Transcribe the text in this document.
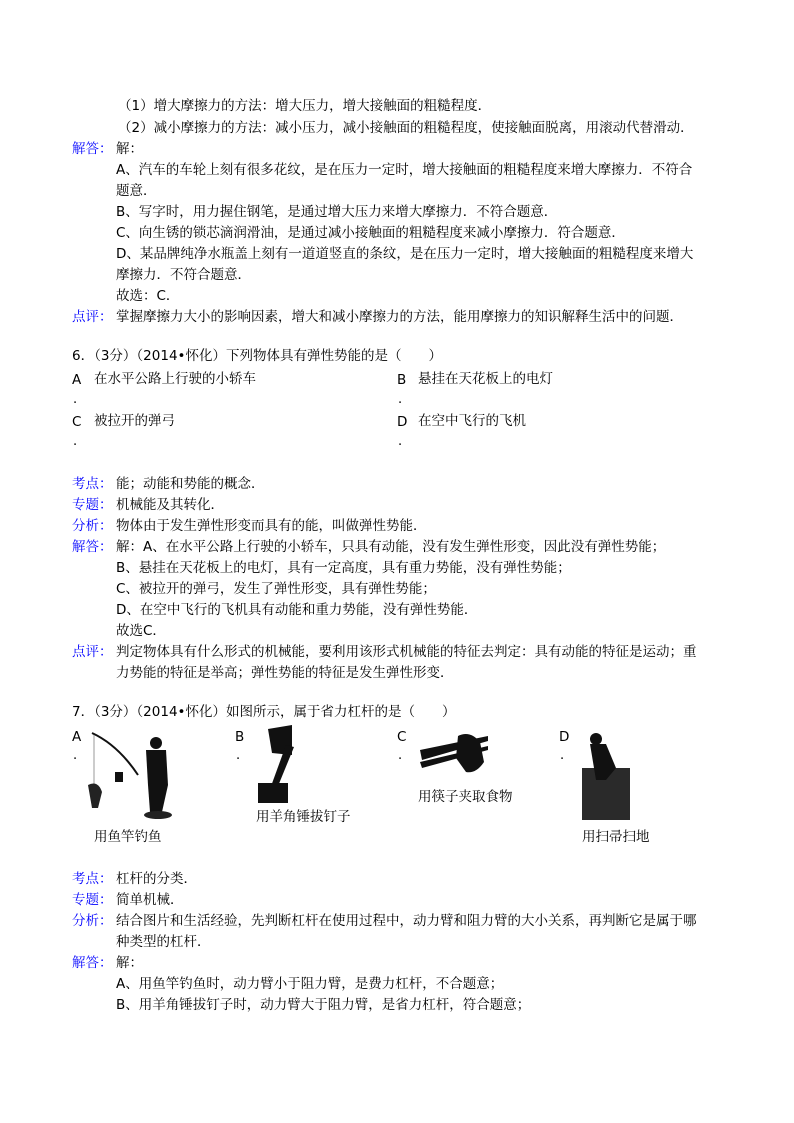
（1）增大摩擦力的方法：增大压力，增大接触面的粗糙程度．
（2）减小摩擦力的方法：减小压力，减小接触面的粗糙程度，使接触面脱离，用滚动代替滑动．
解答： 解：
A、汽车的车轮上刻有很多花纹，是在压力一定时，增大接触面的粗糙程度来增大摩擦力．不符合
题意．
B、写字时，用力握住钢笔，是通过增大压力来增大摩擦力．不符合题意．
C、向生锈的锁芯滴润滑油，是通过减小接触面的粗糙程度来减小摩擦力．符合题意．
D、某品牌纯净水瓶盖上刻有一道道竖直的条纹，是在压力一定时，增大接触面的粗糙程度来增大
摩擦力．不符合题意．
故选：C．
点评： 掌握摩擦力大小的影响因素，增大和减小摩擦力的方法，能用摩擦力的知识解释生活中的问题．
6．（3分）（2014•怀化）下列物体具有弹性势能的是（　　）
A 在水平公路上行驶的小轿车
.
B 悬挂在天花板上的电灯
.
C 被拉开的弹弓
.
D 在空中飞行的飞机
.
考点： 能；动能和势能的概念．
专题： 机械能及其转化．
分析： 物体由于发生弹性形变而具有的能，叫做弹性势能．
解答： 解：A、在水平公路上行驶的小轿车，只具有动能，没有发生弹性形变，因此没有弹性势能；
B、悬挂在天花板上的电灯，具有一定高度，具有重力势能，没有弹性势能；
C、被拉开的弹弓，发生了弹性形变，具有弹性势能；
D、在空中飞行的飞机具有动能和重力势能，没有弹性势能．
故选C．
点评： 判定物体具有什么形式的机械能，要利用该形式机械能的特征去判定：具有动能的特征是运动；重
力势能的特征是举高；弹性势能的特征是发生弹性形变．
7．（3分）（2014•怀化）如图所示，属于省力杠杆的是（　　）
A
.
用鱼竿钓鱼
B
.
用羊角锤拔钉子
C
.
用筷子夹取食物
D
.
用扫帚扫地
考点： 杠杆的分类．
专题： 简单机械．
分析： 结合图片和生活经验，先判断杠杆在使用过程中，动力臂和阻力臂的大小关系，再判断它是属于哪
种类型的杠杆．
解答： 解：
A、用鱼竿钓鱼时，动力臂小于阻力臂，是费力杠杆，不合题意；
B、用羊角锤拔钉子时，动力臂大于阻力臂，是省力杠杆，符合题意；
